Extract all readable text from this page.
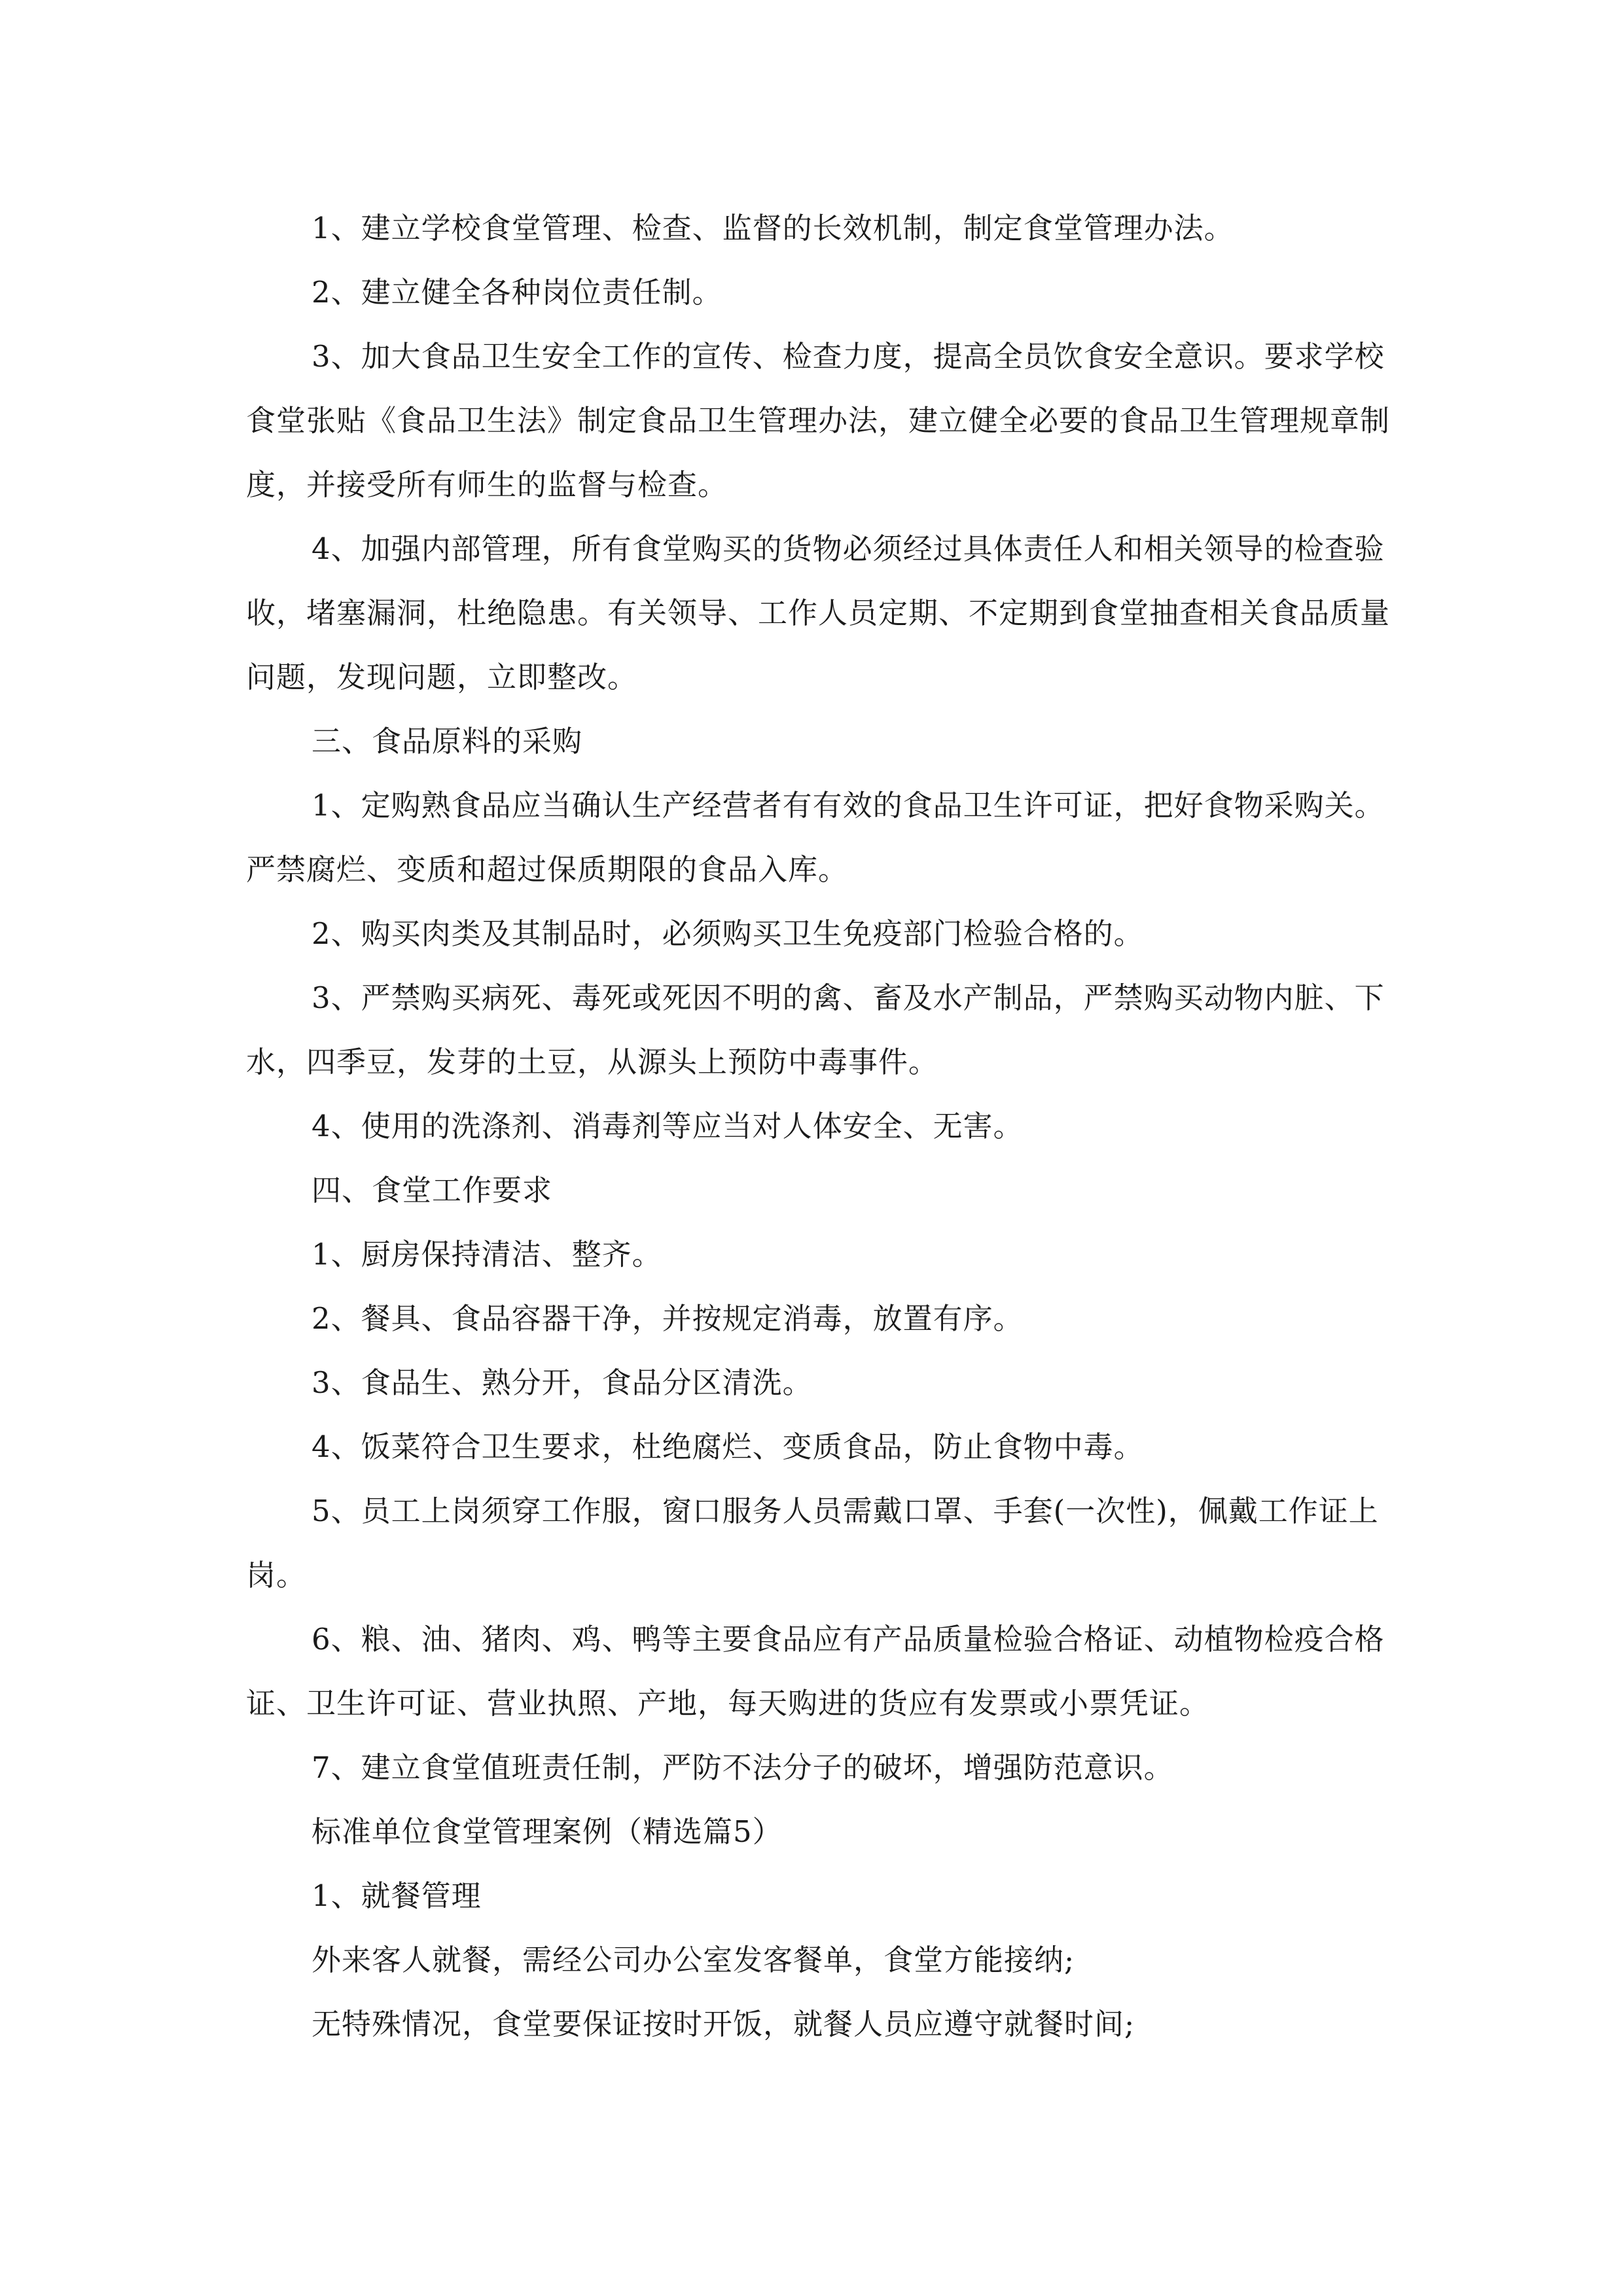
1、建立学校食堂管理、检查、监督的长效机制，制定食堂管理办法。

2、建立健全各种岗位责任制。

3、加大食品卫生安全工作的宣传、检查力度，提高全员饮食安全意识。要求学校食堂张贴《食品卫生法》制定食品卫生管理办法，建立健全必要的食品卫生管理规章制度，并接受所有师生的监督与检查。

4、加强内部管理，所有食堂购买的货物必须经过具体责任人和相关领导的检查验收，堵塞漏洞，杜绝隐患。有关领导、工作人员定期、不定期到食堂抽查相关食品质量问题，发现问题，立即整改。

三、食品原料的采购

1、定购熟食品应当确认生产经营者有有效的食品卫生许可证，把好食物采购关。严禁腐烂、变质和超过保质期限的食品入库。

2、购买肉类及其制品时，必须购买卫生免疫部门检验合格的。

3、严禁购买病死、毒死或死因不明的禽、畜及水产制品，严禁购买动物内脏、下水，四季豆，发芽的土豆，从源头上预防中毒事件。

4、使用的洗涤剂、消毒剂等应当对人体安全、无害。

四、食堂工作要求

1、厨房保持清洁、整齐。

2、餐具、食品容器干净，并按规定消毒，放置有序。

3、食品生、熟分开，食品分区清洗。

4、饭菜符合卫生要求，杜绝腐烂、变质食品，防止食物中毒。

5、员工上岗须穿工作服，窗口服务人员需戴口罩、手套(一次性)，佩戴工作证上岗。

6、粮、油、猪肉、鸡、鸭等主要食品应有产品质量检验合格证、动植物检疫合格证、卫生许可证、营业执照、产地，每天购进的货应有发票或小票凭证。

7、建立食堂值班责任制，严防不法分子的破坏，增强防范意识。

标准单位食堂管理案例（精选篇5）

1、就餐管理

外来客人就餐，需经公司办公室发客餐单，食堂方能接纳;

无特殊情况，食堂要保证按时开饭，就餐人员应遵守就餐时间;
